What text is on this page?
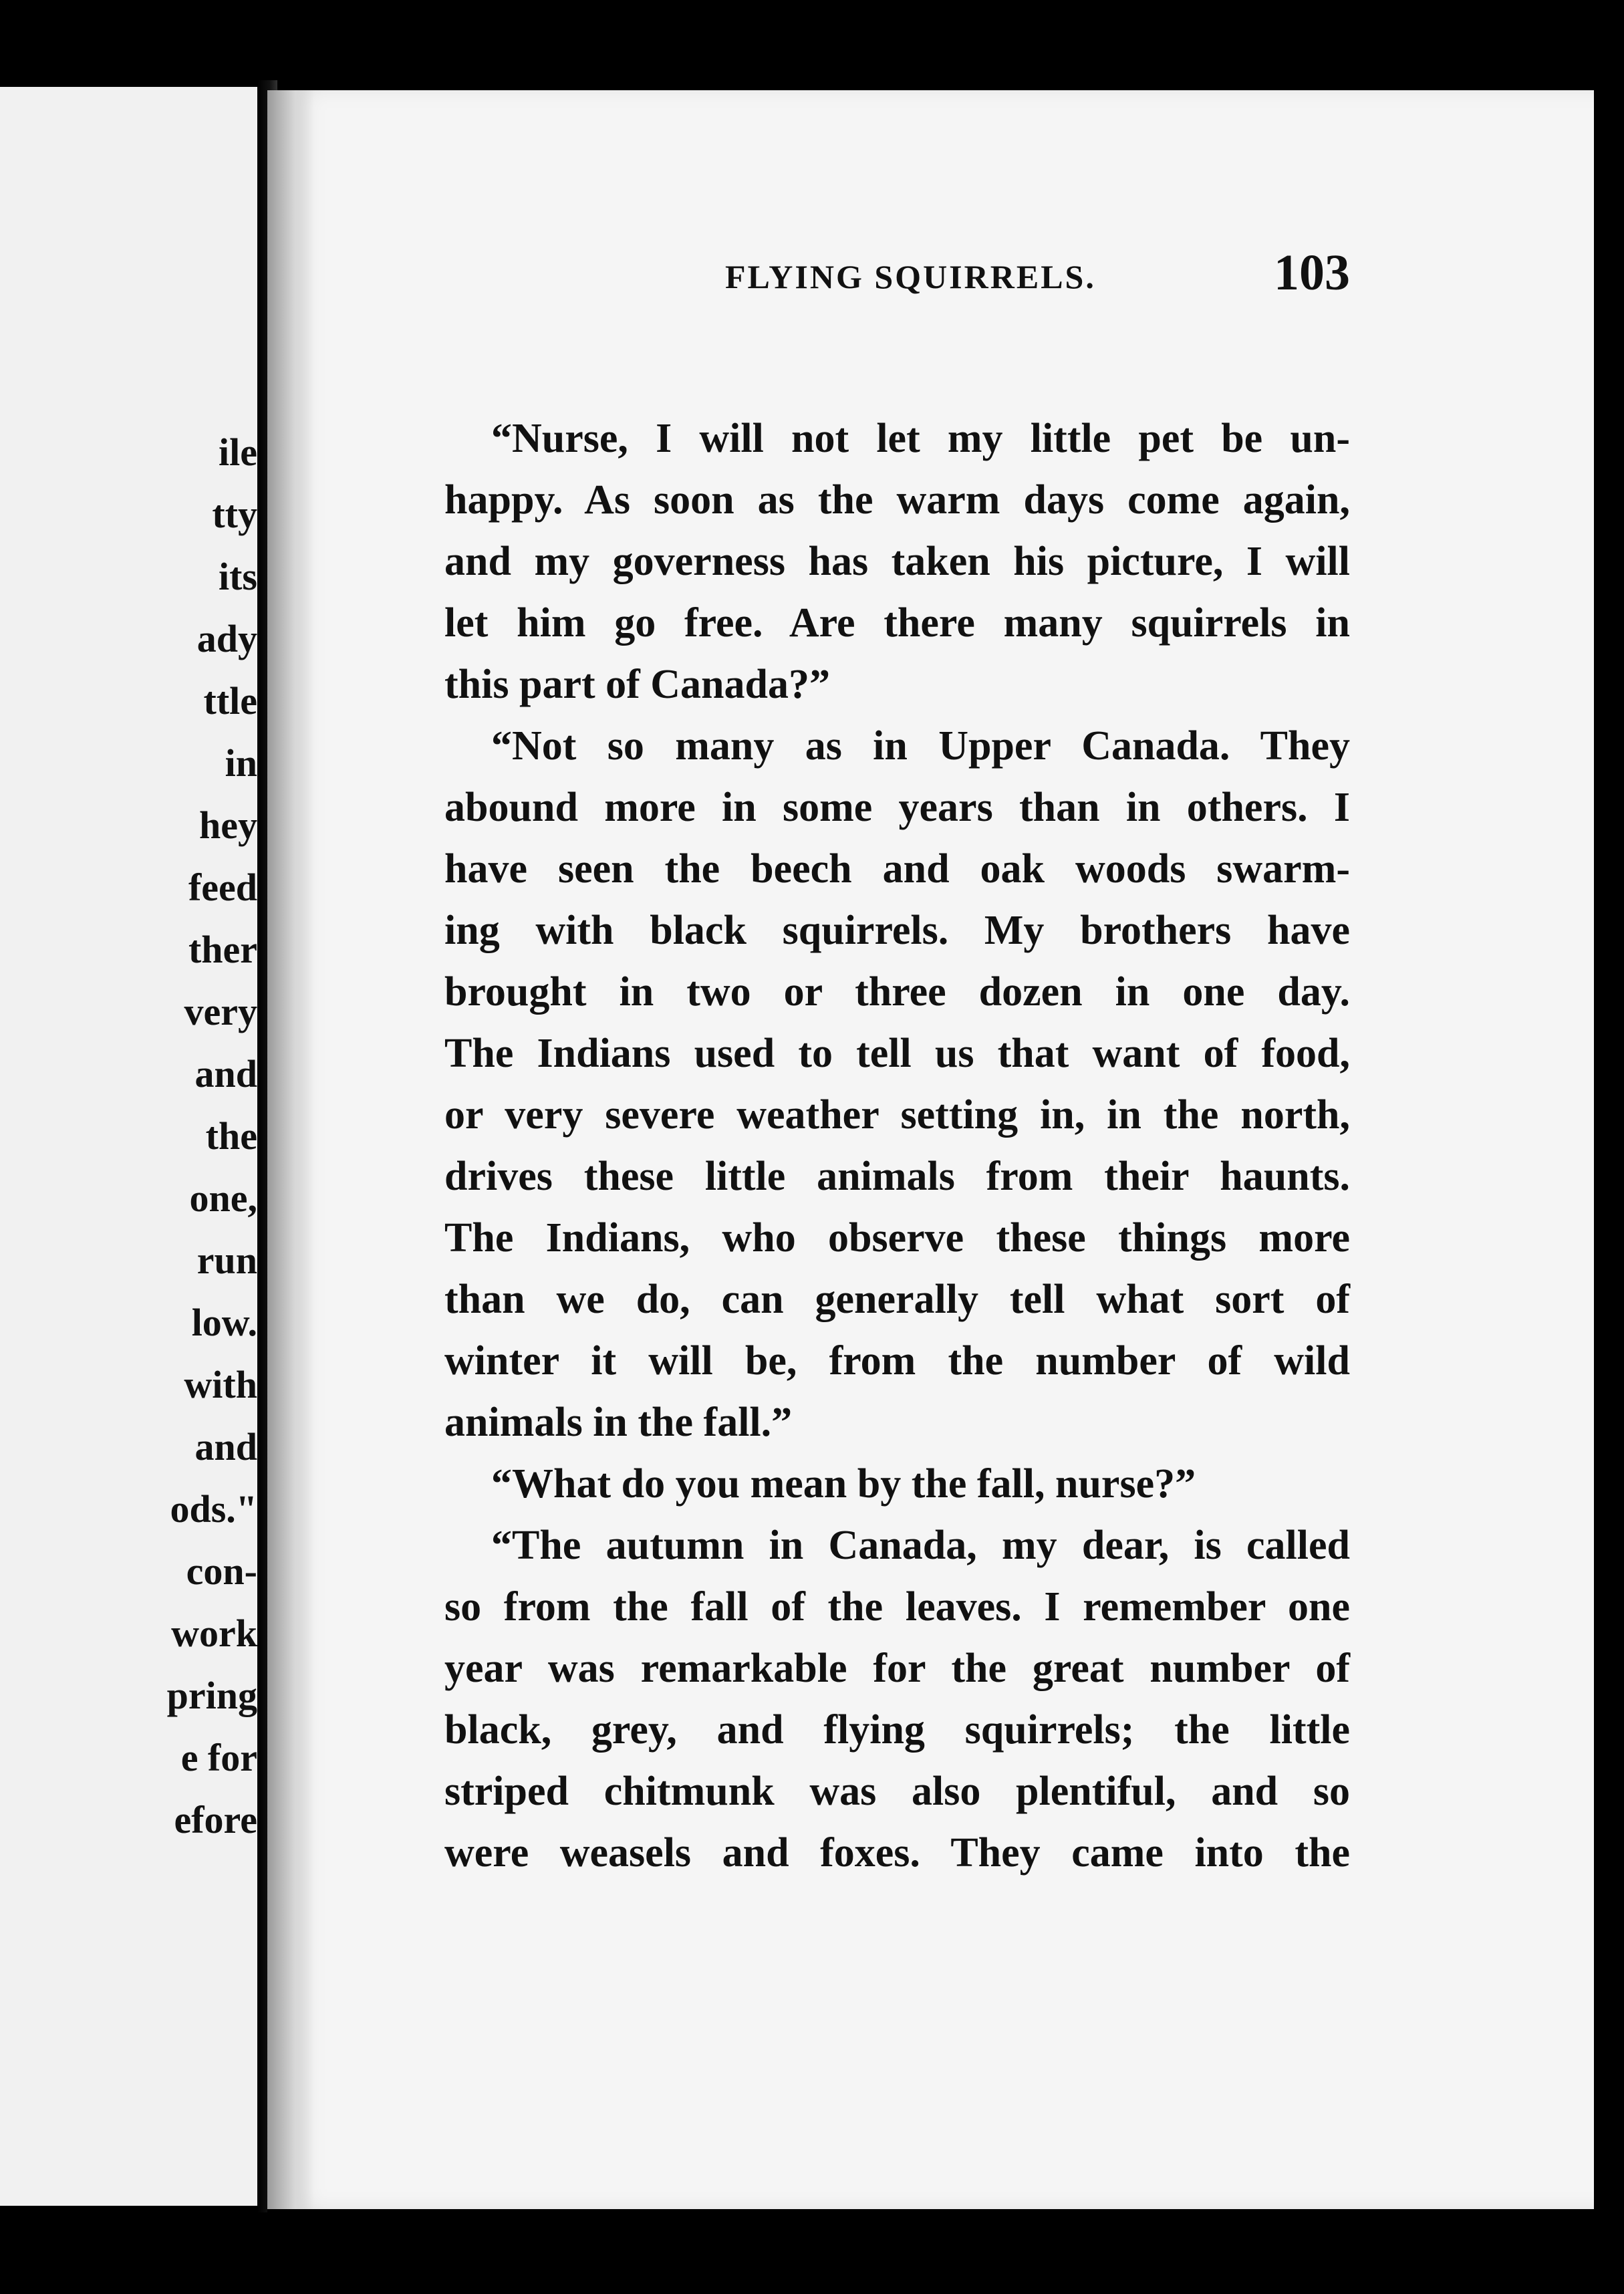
ile
tty
its
ady
ttle
in
hey
feed
ther
very
and
the
one,
run
low.
with
and
ods."
con-
work
pring
e for
efore
FLYING SQUIRRELS.	103
“Nurse, I will not let my little pet be un-
happy. As soon as the warm days come again,
and my governess has taken his picture, I will
let him go free. Are there many squirrels in
this part of Canada?”
“Not so many as in Upper Canada. They
abound more in some years than in others. I
have seen the beech and oak woods swarm-
ing with black squirrels. My brothers have
brought in two or three dozen in one day.
The Indians used to tell us that want of food,
or very severe weather setting in, in the north,
drives these little animals from their haunts.
The Indians, who observe these things more
than we do, can generally tell what sort of
winter it will be, from the number of wild
animals in the fall.”
“What do you mean by the fall, nurse?”
“The autumn in Canada, my dear, is called
so from the fall of the leaves. I remember one
year was remarkable for the great number of
black, grey, and flying squirrels; the little
striped chitmunk was also plentiful, and so
were weasels and foxes. They came into the
